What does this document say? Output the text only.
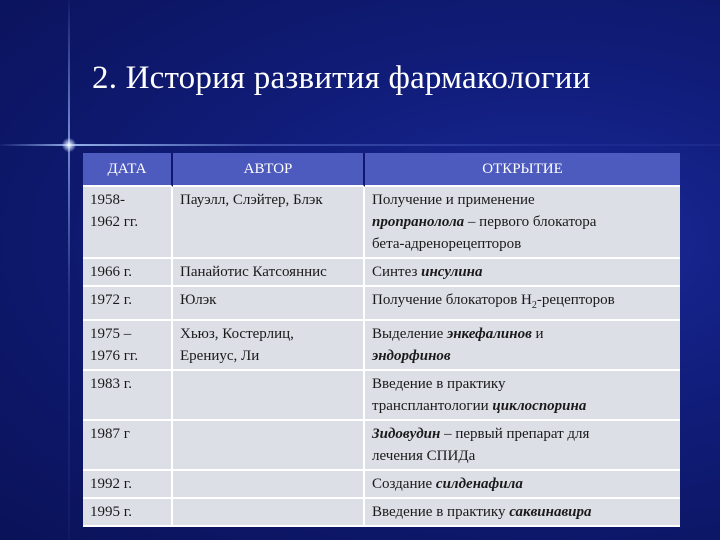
2. История развития фармакологии
ДАТА	АВТОР	ОТКРЫТИЕ
1958-
1962 гг.	Пауэлл, Слэйтер, Блэк	Получение и применение
пропранолола – первого блокатора
бета-адренорецепторов
1966 г.	Панайотис Катсояннис	Синтез инсулина
1972 г.	Юлэк	Получение блокаторов $Н_2$-рецепторов
1975 –
1976 гг.	Хьюз, Костерлиц,
Ерениус, Ли	Выделение энкефалинов и
эндорфинов
1983 г.		Введение в практику
трансплантологии циклоспорина
1987 г		Зидовудин – первый препарат для
лечения СПИДа
1992 г.		Создание силденафила
1995 г.		Введение в практику саквинавира
